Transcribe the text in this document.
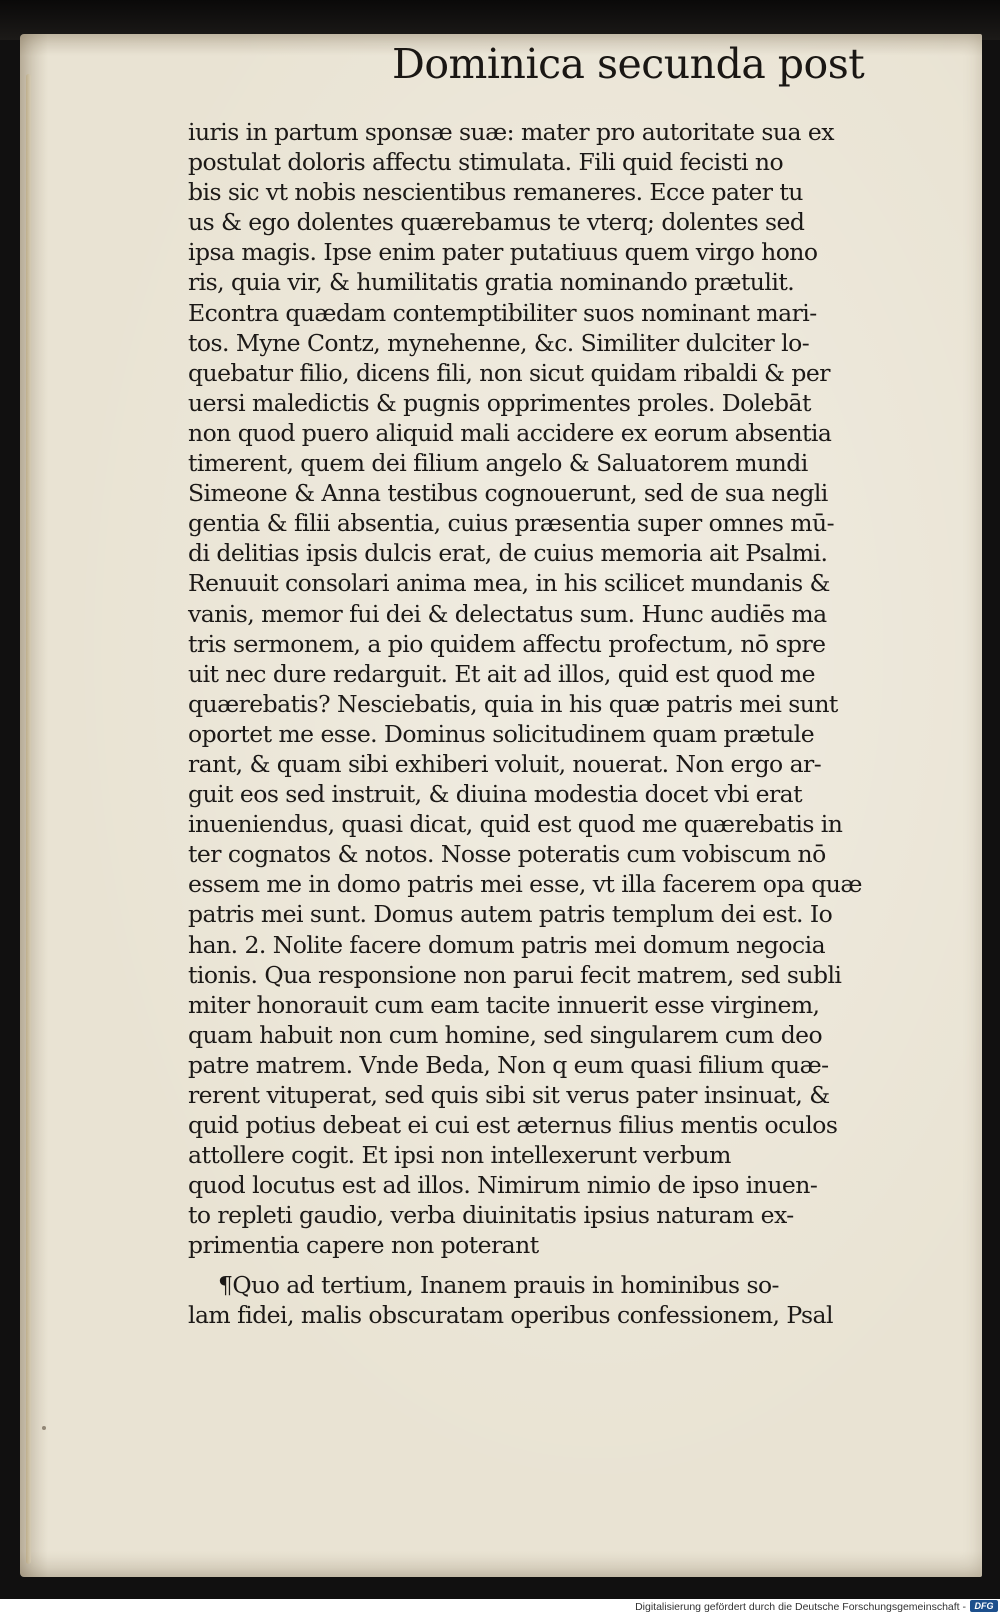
Dominica secunda post
iuris in partum sponsæ suæ: mater pro autoritate sua ex
postulat doloris affectu stimulata. Fili quid fecisti no
bis sic vt nobis nescientibus remaneres. Ecce pater tu
us & ego dolentes quærebamus te vterq; dolentes sed
ipsa magis. Ipse enim pater putatiuus quem virgo hono
ris, quia vir, & humilitatis gratia nominando prætulit.
Econtra quædam contemptibiliter suos nominant mari-
tos. Myne Contz, mynehenne, &c. Similiter dulciter lo-
quebatur filio, dicens fili, non sicut quidam ribaldi & per
uersi maledictis & pugnis opprimentes proles. Dolebāt
non quod puero aliquid mali accidere ex eorum absentia
timerent, quem dei filium angelo & Saluatorem mundi
Simeone & Anna testibus cognouerunt, sed de sua negli
gentia & filii absentia, cuius præsentia super omnes mū-
di delitias ipsis dulcis erat, de cuius memoria ait Psalmi.
Renuuit consolari anima mea, in his scilicet mundanis &
vanis, memor fui dei & delectatus sum. Hunc audiēs ma
tris sermonem, a pio quidem affectu profectum, nō spre
uit nec dure redarguit. Et ait ad illos, quid est quod me
quærebatis? Nesciebatis, quia in his quæ patris mei sunt
oportet me esse. Dominus solicitudinem quam prætule
rant, & quam sibi exhiberi voluit, nouerat. Non ergo ar-
guit eos sed instruit, & diuina modestia docet vbi erat
inueniendus, quasi dicat, quid est quod me quærebatis in
ter cognatos & notos. Nosse poteratis cum vobiscum nō
essem me in domo patris mei esse, vt illa facerem opa quæ
patris mei sunt. Domus autem patris templum dei est. Io
han. 2. Nolite facere domum patris mei domum negocia
tionis. Qua responsione non parui fecit matrem, sed subli
miter honorauit cum eam tacite innuerit esse virginem,
quam habuit non cum homine, sed singularem cum deo
patre matrem. Vnde Beda, Non q eum quasi filium quæ-
rerent vituperat, sed quis sibi sit verus pater insinuat, &
quid potius debeat ei cui est æternus filius mentis oculos
attollere cogit. Et ipsi non intellexerunt verbum
quod locutus est ad illos. Nimirum nimio de ipso inuen-
to repleti gaudio, verba diuinitatis ipsius naturam ex-
primentia capere non poterant
¶Quo ad tertium, Inanem prauis in hominibus so-
lam fidei, malis obscuratam operibus confessionem, Psal
Digitalisierung gefördert durch die Deutsche Forschungsgemeinschaft - DFG
